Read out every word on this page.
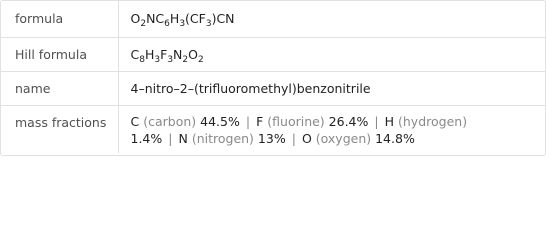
formula	$O_2NC_6H_3(CF_3)CN$
Hill formula	$C_8H_3F_3N_2O_2$
name	4–nitro–2–(trifluoromethyl)benzonitrile
mass fractions	C (carbon) 44.5% | F (fluorine) 26.4% | H (hydrogen)
1.4% | N (nitrogen) 13% | O (oxygen) 14.8%
